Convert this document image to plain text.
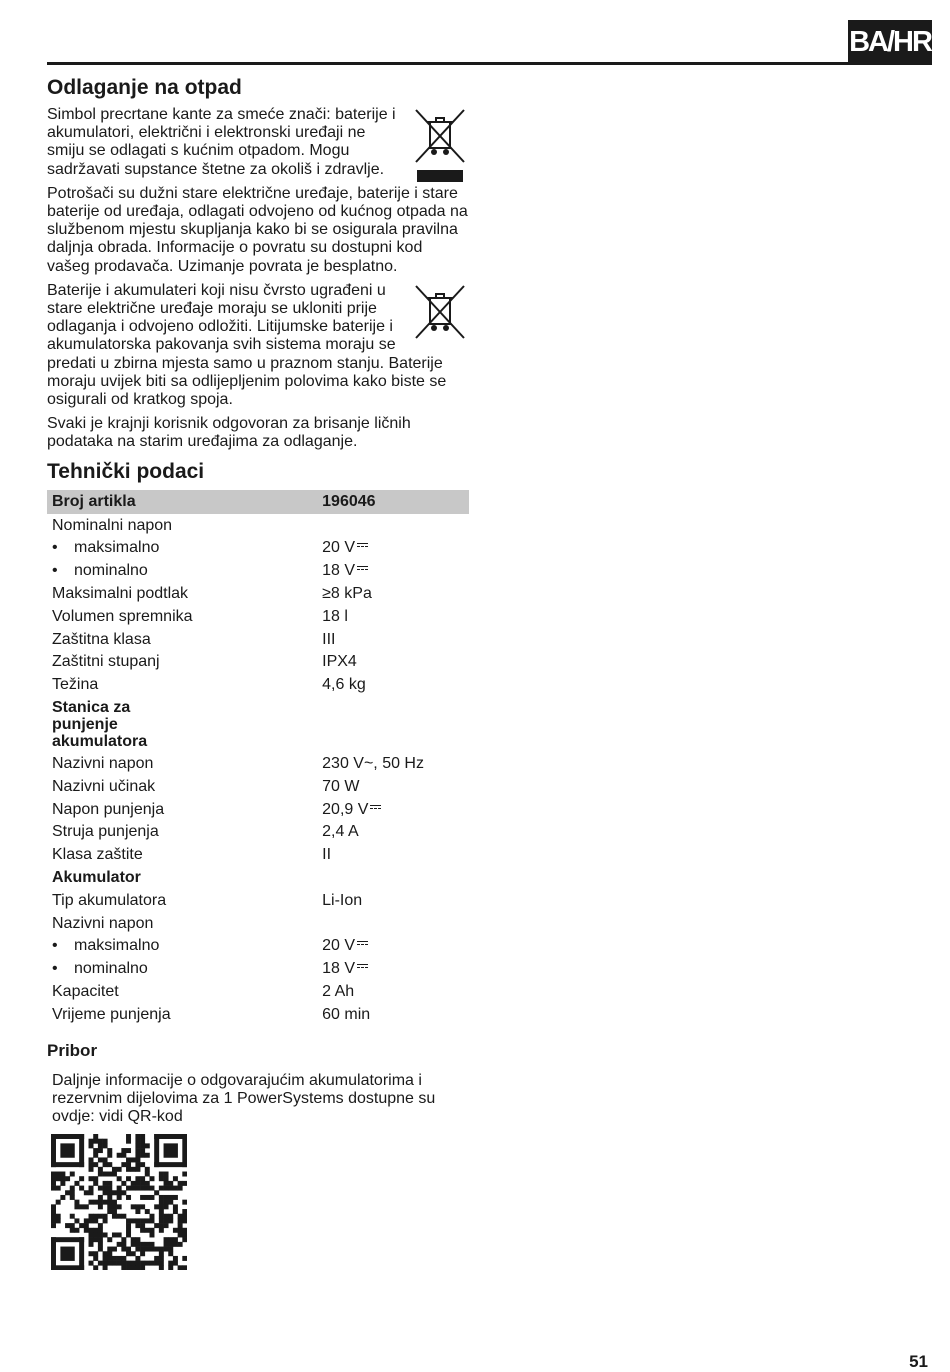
BA/HR
Odlaganje na otpad

Simbol precrtane kante za smeće znači: baterije i akumulatori, električni i elektronski uređaji ne smiju se odlagati s kućnim otpadom. Mogu sadržavati supstance štetne za okoliš i zdravlje.

Potrošači su dužni stare električne uređaje, baterije i stare baterije od uređaja, odlagati odvojeno od kućnog otpada na službenom mjestu skupljanja kako bi se osigurala pravilna daljnja obrada. Informacije o povratu su dostupni kod vašeg prodavača. Uzimanje povrata je besplatno.

Baterije i akumulateri koji nisu čvrsto ugrađeni u stare električne uređaje moraju se ukloniti prije odlaganja i odvojeno odložiti. Litijumske baterije i akumulatorska pakovanja svih sistema moraju se predati u zbirna mjesta samo u praznom stanju. Baterije moraju uvijek biti sa odlijepljenim polovima kako biste se osigurali od kratkog spoja.

Svaki je krajnji korisnik odgovoran za brisanje ličnih podataka na starim uređajima za odlaganje.

Tehnički podaci
Broj artikla	196046
Nominalni napon	
• maksimalno	20 V
• nominalno	18 V
Maksimalni podtlak	≥8 kPa
Volumen spremnika	18 l
Zaštitna klasa	III
Zaštitni stupanj	IPX4
Težina	4,6 kg
Stanica za punjenje akumulatora	
Nazivni napon	230 V~, 50 Hz
Nazivni učinak	70 W
Napon punjenja	20,9 V
Struja punjenja	2,4 A
Klasa zaštite	II
Akumulator	
Tip akumulatora	Li-Ion
Nazivni napon	
• maksimalno	20 V
• nominalno	18 V
Kapacitet	2 Ah
Vrijeme punjenja	60 min
Pribor

Daljnje informacije o odgovarajućim akumulatorima i rezervnim dijelovima za 1 PowerSystems dostupne su ovdje: vidi QR-kod

51
